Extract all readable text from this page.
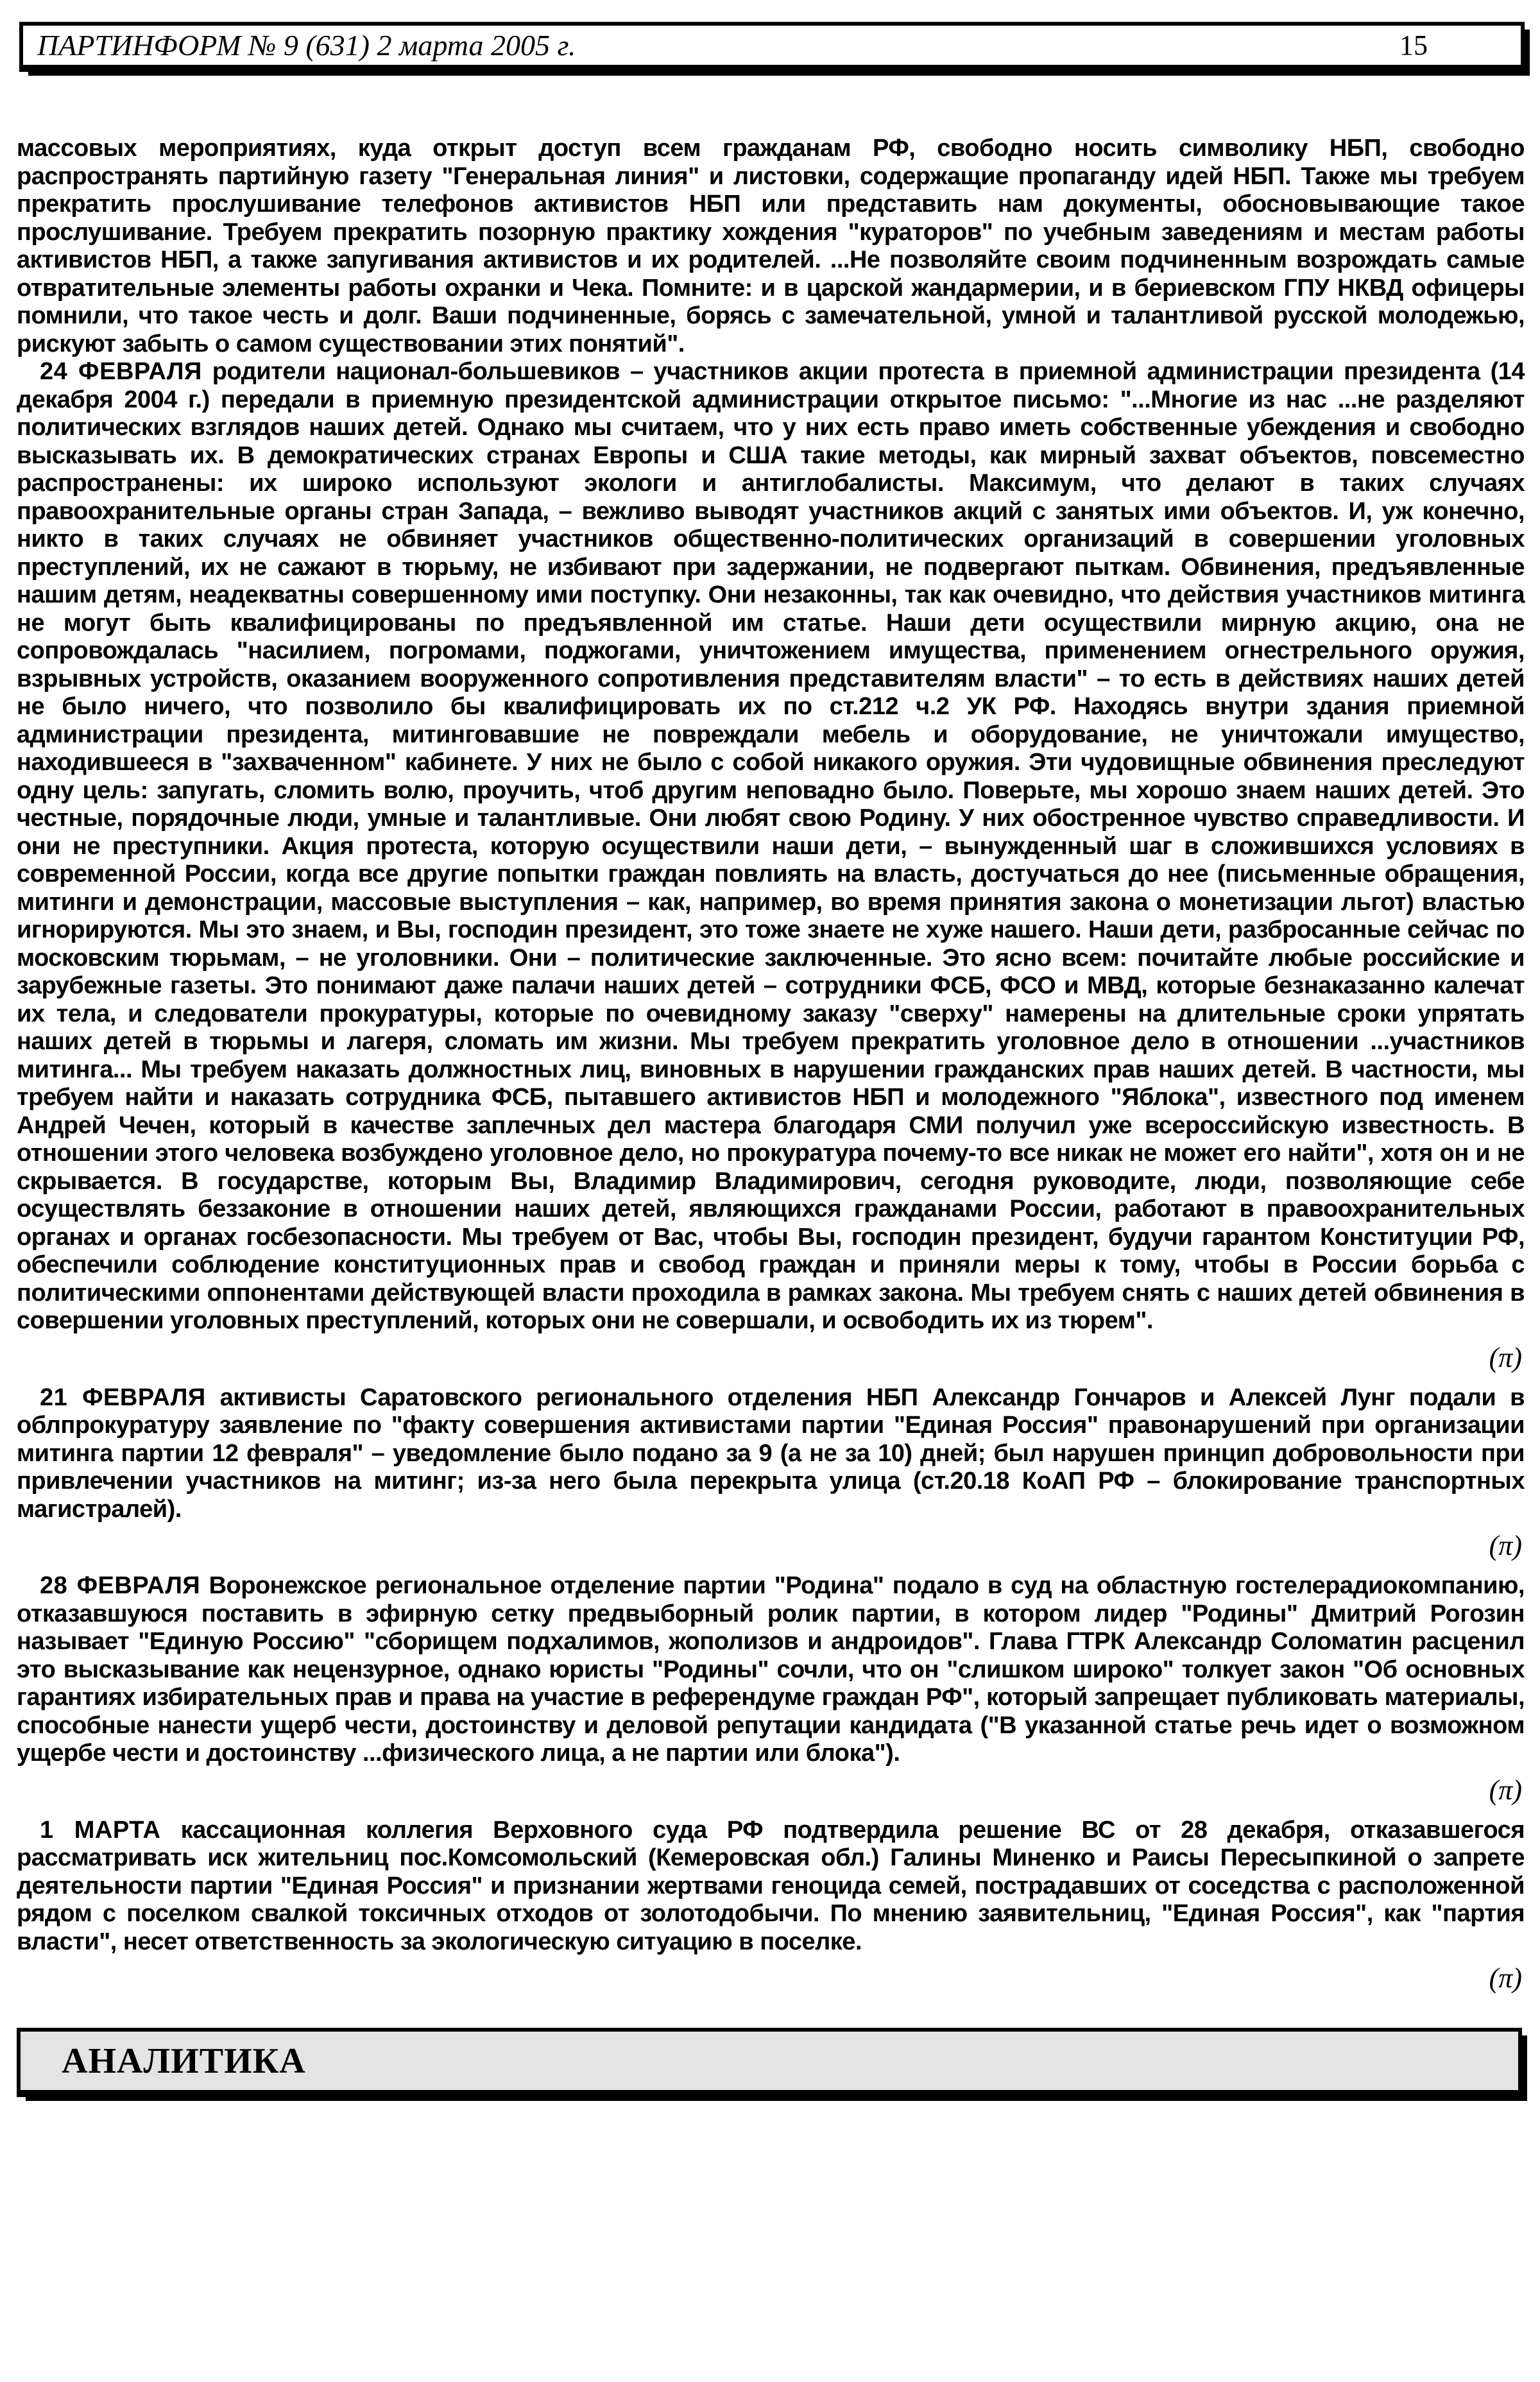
ПАРТИНФОРМ № 9 (631) 2 марта 2005 г.	15

массовых мероприятиях, куда открыт доступ всем гражданам РФ, свободно носить символику НБП, свободно распространять партийную газету "Генеральная линия" и листовки, содержащие пропаганду идей НБП. Также мы требуем прекратить прослушивание телефонов активистов НБП или представить нам документы, обосновывающие такое прослушивание. Требуем прекратить позорную практику хождения "кураторов" по учебным заведениям и местам работы активистов НБП, а также запугивания активистов и их родителей. ...Не позволяйте своим подчиненным возрождать самые отвратительные элементы работы охранки и Чека. Помните: и в царской жандармерии, и в бериевском ГПУ НКВД офицеры помнили, что такое честь и долг. Ваши подчиненные, борясь с замечательной, умной и талантливой русской молодежью, рискуют забыть о самом существовании этих понятий".

24 ФЕВРАЛЯ родители национал-большевиков – участников акции протеста в приемной администрации президента (14 декабря 2004 г.) передали в приемную президентской администрации открытое письмо: "...Многие из нас ...не разделяют политических взглядов наших детей. Однако мы считаем, что у них есть право иметь собственные убеждения и свободно высказывать их. В демократических странах Европы и США такие методы, как мирный захват объектов, повсеместно распространены: их широко используют экологи и антиглобалисты. Максимум, что делают в таких случаях правоохранительные органы стран Запада, – вежливо выводят участников акций с занятых ими объектов. И, уж конечно, никто в таких случаях не обвиняет участников общественно-политических организаций в совершении уголовных преступлений, их не сажают в тюрьму, не избивают при задержании, не подвергают пыткам. Обвинения, предъявленные нашим детям, неадекватны совершенному ими поступку. Они незаконны, так как очевидно, что действия участников митинга не могут быть квалифицированы по предъявленной им статье. Наши дети осуществили мирную акцию, она не сопровождалась "насилием, погромами, поджогами, уничтожением имущества, применением огнестрельного оружия, взрывных устройств, оказанием вооруженного сопротивления представителям власти" – то есть в действиях наших детей не было ничего, что позволило бы квалифицировать их по ст.212 ч.2 УК РФ. Находясь внутри здания приемной администрации президента, митинговавшие не повреждали мебель и оборудование, не уничтожали имущество, находившееся в "захваченном" кабинете. У них не было с собой никакого оружия. Эти чудовищные обвинения преследуют одну цель: запугать, сломить волю, проучить, чтоб другим неповадно было. Поверьте, мы хорошо знаем наших детей. Это честные, порядочные люди, умные и талантливые. Они любят свою Родину. У них обостренное чувство справедливости. И они не преступники. Акция протеста, которую осуществили наши дети, – вынужденный шаг в сложившихся условиях в современной России, когда все другие попытки граждан повлиять на власть, достучаться до нее (письменные обращения, митинги и демонстрации, массовые выступления – как, например, во время принятия закона о монетизации льгот) властью игнорируются. Мы это знаем, и Вы, господин президент, это тоже знаете не хуже нашего. Наши дети, разбросанные сейчас по московским тюрьмам, – не уголовники. Они – политические заключенные. Это ясно всем: почитайте любые российские и зарубежные газеты. Это понимают даже палачи наших детей – сотрудники ФСБ, ФСО и МВД, которые безнаказанно калечат их тела, и следователи прокуратуры, которые по очевидному заказу "сверху" намерены на длительные сроки упрятать наших детей в тюрьмы и лагеря, сломать им жизни. Мы требуем прекратить уголовное дело в отношении ...участников митинга... Мы требуем наказать должностных лиц, виновных в нарушении гражданских прав наших детей. В частности, мы требуем найти и наказать сотрудника ФСБ, пытавшего активистов НБП и молодежного "Яблока", известного под именем Андрей Чечен, который в качестве заплечных дел мастера благодаря СМИ получил уже всероссийскую известность. В отношении этого человека возбуждено уголовное дело, но прокуратура почему-то все никак не может его найти", хотя он и не скрывается. В государстве, которым Вы, Владимир Владимирович, сегодня руководите, люди, позволяющие себе осуществлять беззаконие в отношении наших детей, являющихся гражданами России, работают в правоохранительных органах и органах госбезопасности. Мы требуем от Вас, чтобы Вы, господин президент, будучи гарантом Конституции РФ, обеспечили соблюдение конституционных прав и свобод граждан и приняли меры к тому, чтобы в России борьба с политическими оппонентами действующей власти проходила в рамках закона. Мы требуем снять с наших детей обвинения в совершении уголовных преступлений, которых они не совершали, и освободить их из тюрем".

(π)

21 ФЕВРАЛЯ активисты Саратовского регионального отделения НБП Александр Гончаров и Алексей Лунг подали в облпрокуратуру заявление по "факту совершения активистами партии "Единая Россия" правонарушений при организации митинга партии 12 февраля" – уведомление было подано за 9 (а не за 10) дней; был нарушен принцип добровольности при привлечении участников на митинг; из-за него была перекрыта улица (ст.20.18 КоАП РФ – блокирование транспортных магистралей).

(π)

28 ФЕВРАЛЯ Воронежское региональное отделение партии "Родина" подало в суд на областную гостелерадиокомпанию, отказавшуюся поставить в эфирную сетку предвыборный ролик партии, в котором лидер "Родины" Дмитрий Рогозин называет "Единую Россию" "сборищем подхалимов, жополизов и андроидов". Глава ГТРК Александр Соломатин расценил это высказывание как нецензурное, однако юристы "Родины" сочли, что он "слишком широко" толкует закон "Об основных гарантиях избирательных прав и права на участие в референдуме граждан РФ", который запрещает публиковать материалы, способные нанести ущерб чести, достоинству и деловой репутации кандидата ("В указанной статье речь идет о возможном ущербе чести и достоинству ...физического лица, а не партии или блока").

(π)

1 МАРТА кассационная коллегия Верховного суда РФ подтвердила решение ВС от 28 декабря, отказавшегося рассматривать иск жительниц пос.Комсомольский (Кемеровская обл.) Галины Миненко и Раисы Пересыпкиной о запрете деятельности партии "Единая Россия" и признании жертвами геноцида семей, пострадавших от соседства с расположенной рядом с поселком свалкой токсичных отходов от золотодобычи. По мнению заявительниц, "Единая Россия", как "партия власти", несет ответственность за экологическую ситуацию в поселке.

(π)
АНАЛИТИКА
